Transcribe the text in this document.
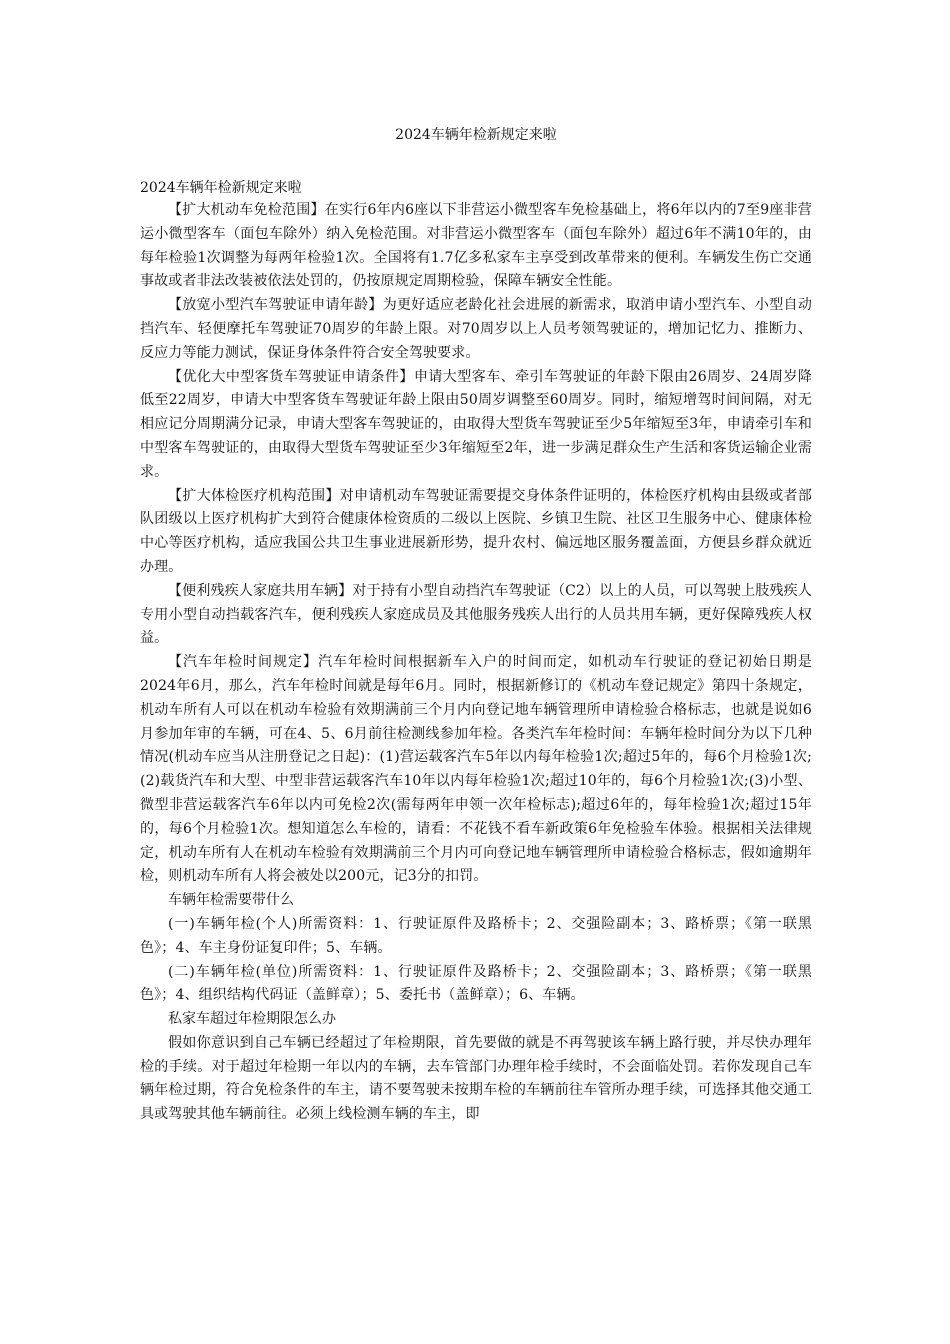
2024车辆年检新规定来啦

2024车辆年检新规定来啦

【扩大机动车免检范围】在实行6年内6座以下非营运小微型客车免检基础上，将6年以内的7至9座非营运小微型客车（面包车除外）纳入免检范围。对非营运小微型客车（面包车除外）超过6年不满10年的，由每年检验1次调整为每两年检验1次。全国将有1.7亿多私家车主享受到改革带来的便利。车辆发生伤亡交通事故或者非法改装被依法处罚的，仍按原规定周期检验，保障车辆安全性能。

【放宽小型汽车驾驶证申请年龄】为更好适应老龄化社会进展的新需求，取消申请小型汽车、小型自动挡汽车、轻便摩托车驾驶证70周岁的年龄上限。对70周岁以上人员考领驾驶证的，增加记忆力、推断力、反应力等能力测试，保证身体条件符合安全驾驶要求。

【优化大中型客货车驾驶证申请条件】申请大型客车、牵引车驾驶证的年龄下限由26周岁、24周岁降低至22周岁，申请大中型客货车驾驶证年龄上限由50周岁调整至60周岁。同时，缩短增驾时间间隔，对无相应记分周期满分记录，申请大型客车驾驶证的，由取得大型货车驾驶证至少5年缩短至3年，申请牵引车和中型客车驾驶证的，由取得大型货车驾驶证至少3年缩短至2年，进一步满足群众生产生活和客货运输企业需求。

【扩大体检医疗机构范围】对申请机动车驾驶证需要提交身体条件证明的，体检医疗机构由县级或者部队团级以上医疗机构扩大到符合健康体检资质的二级以上医院、乡镇卫生院、社区卫生服务中心、健康体检中心等医疗机构，适应我国公共卫生事业进展新形势，提升农村、偏远地区服务覆盖面，方便县乡群众就近办理。

【便利残疾人家庭共用车辆】对于持有小型自动挡汽车驾驶证（C2）以上的人员，可以驾驶上肢残疾人专用小型自动挡载客汽车，便利残疾人家庭成员及其他服务残疾人出行的人员共用车辆，更好保障残疾人权益。

【汽车年检时间规定】汽车年检时间根据新车入户的时间而定，如机动车行驶证的登记初始日期是2024年6月，那么，汽车年检时间就是每年6月。同时，根据新修订的《机动车登记规定》第四十条规定，机动车所有人可以在机动车检验有效期满前三个月内向登记地车辆管理所申请检验合格标志，也就是说如6月参加年审的车辆，可在4、5、6月前往检测线参加年检。各类汽车年检时间：车辆年检时间分为以下几种情况(机动车应当从注册登记之日起)：(1)营运载客汽车5年以内每年检验1次;超过5年的，每6个月检验1次;(2)载货汽车和大型、中型非营运载客汽车10年以内每年检验1次;超过10年的，每6个月检验1次;(3)小型、微型非营运载客汽车6年以内可免检2次(需每两年申领一次年检标志);超过6年的，每年检验1次;超过15年的，每6个月检验1次。想知道怎么车检的，请看：不花钱不看车新政策6年免检验车体验。根据相关法律规定，机动车所有人在机动车检验有效期满前三个月内可向登记地车辆管理所申请检验合格标志，假如逾期年检，则机动车所有人将会被处以200元，记3分的扣罚。

车辆年检需要带什么

(一)车辆年检(个人)所需资料：1、行驶证原件及路桥卡；2、交强险副本；3、路桥票；《第一联黑色》；4、车主身份证复印件；5、车辆。

(二)车辆年检(单位)所需资料：1、行驶证原件及路桥卡；2、交强险副本；3、路桥票；《第一联黑色》；4、组织结构代码证（盖鲜章）；5、委托书（盖鲜章）；6、车辆。

私家车超过年检期限怎么办

假如你意识到自己车辆已经超过了年检期限，首先要做的就是不再驾驶该车辆上路行驶，并尽快办理年检的手续。对于超过年检期一年以内的车辆，去车管部门办理年检手续时，不会面临处罚。若你发现自己车辆年检过期，符合免检条件的车主，请不要驾驶未按期车检的车辆前往车管所办理手续，可选择其他交通工具或驾驶其他车辆前往。必须上线检测车辆的车主，即
